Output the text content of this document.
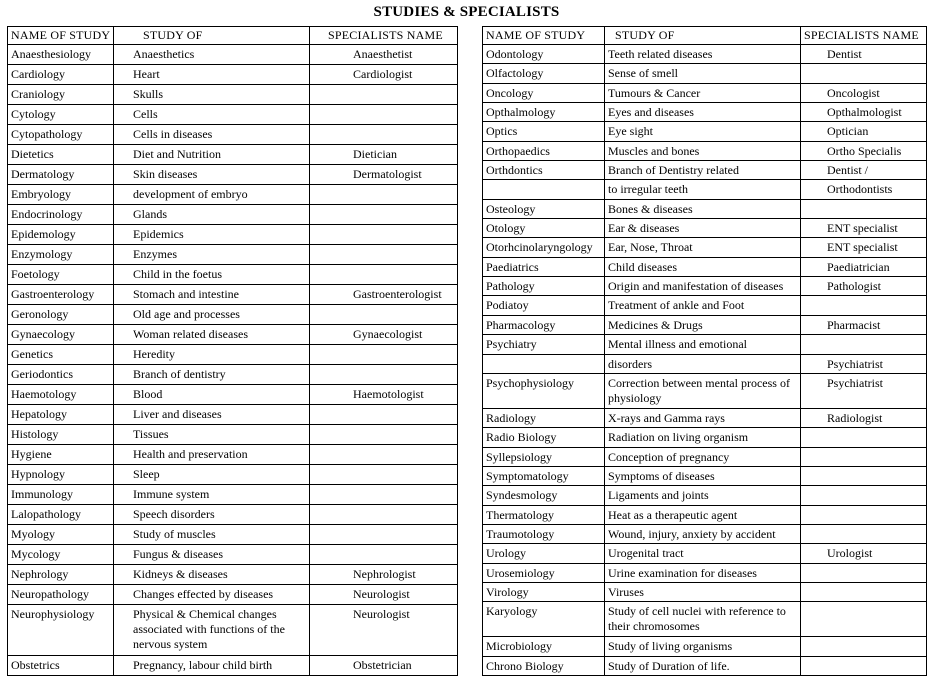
STUDIES & SPECIALISTS
NAME OF STUDY	STUDY OF	SPECIALISTS NAME
Anaesthesiology	Anaesthetics	Anaesthetist
Cardiology	Heart	Cardiologist
Craniology	Skulls	
Cytology	Cells	
Cytopathology	Cells in diseases	
Dietetics	Diet and Nutrition	Dietician
Dermatology	Skin diseases	Dermatologist
Embryology	development of embryo	
Endocrinology	Glands	
Epidemology	Epidemics	
Enzymology	Enzymes	
Foetology	Child in the foetus	
Gastroenterology	Stomach and intestine	Gastroenterologist
Geronology	Old age and processes	
Gynaecology	Woman related diseases	Gynaecologist
Genetics	Heredity	
Geriodontics	Branch of dentistry	
Haemotology	Blood	Haemotologist
Hepatology	Liver and diseases	
Histology	Tissues	
Hygiene	Health and preservation	
Hypnology	Sleep	
Immunology	Immune system	
Lalopathology	Speech disorders	
Myology	Study of muscles	
Mycology	Fungus & diseases	
Nephrology	Kidneys & diseases	Nephrologist
Neuropathology	Changes effected by diseases	Neurologist
Neurophysiology	Physical & Chemical changes associated with functions of the nervous system	Neurologist
Obstetrics	Pregnancy, labour child birth	Obstetrician
NAME OF STUDY	STUDY OF	SPECIALISTS NAME
Odontology	Teeth related diseases	Dentist
Olfactology	Sense of smell	
Oncology	Tumours & Cancer	Oncologist
Opthalmology	Eyes and diseases	Opthalmologist
Optics	Eye sight	Optician
Orthopaedics	Muscles and bones	Ortho Specialis
Orthdontics	Branch of Dentistry related	Dentist /
	to irregular teeth	Orthodontists
Osteology	Bones & diseases	
Otology	Ear & diseases	ENT specialist
Otorhcinolaryngology	Ear, Nose, Throat	ENT specialist
Paediatrics	Child diseases	Paediatrician
Pathology	Origin and manifestation of diseases	Pathologist
Podiatoy	Treatment of ankle and Foot	
Pharmacology	Medicines & Drugs	Pharmacist
Psychiatry	Mental illness and emotional	
	disorders	Psychiatrist
Psychophysiology	Correction between mental process of physiology	Psychiatrist
Radiology	X-rays and Gamma rays	Radiologist
Radio Biology	Radiation on living organism	
Syllepsiology	Conception of pregnancy	
Symptomatology	Symptoms of diseases	
Syndesmology	Ligaments and joints	
Thermatology	Heat as a therapeutic agent	
Traumotology	Wound, injury, anxiety by accident	
Urology	Urogenital tract	Urologist
Urosemiology	Urine examination for diseases	
Virology	Viruses	
Karyology	Study of cell nuclei with reference to their chromosomes	
Microbiology	Study of living organisms	
Chrono Biology	Study of Duration of life.	
